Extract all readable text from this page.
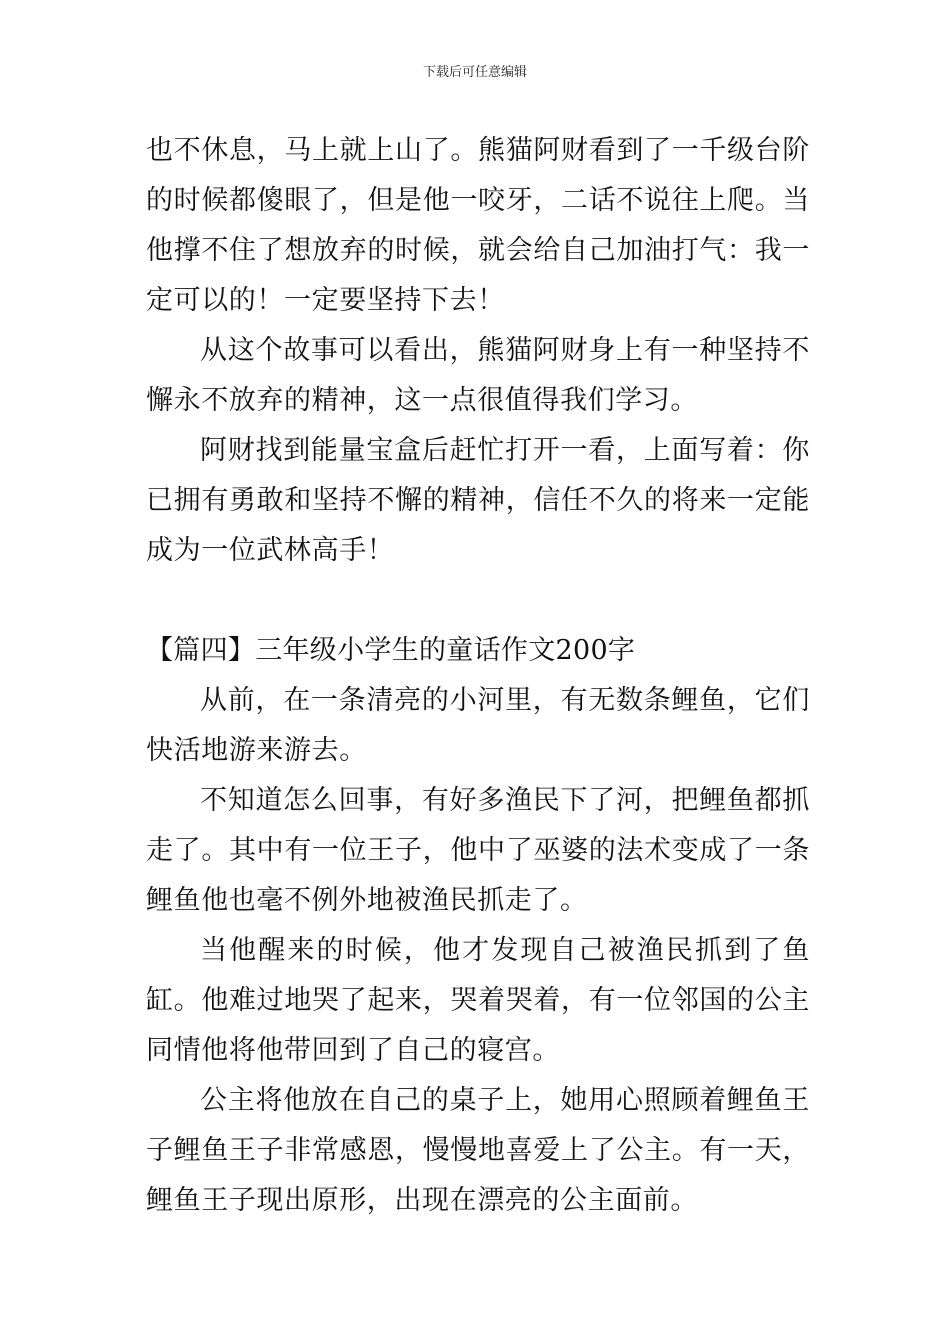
下载后可任意编辑

也不休息，马上就上山了。熊猫阿财看到了一千级台阶的时候都傻眼了，但是他一咬牙，二话不说往上爬。当他撑不住了想放弃的时候，就会给自己加油打气：我一定可以的！一定要坚持下去！

从这个故事可以看出，熊猫阿财身上有一种坚持不懈永不放弃的精神，这一点很值得我们学习。

阿财找到能量宝盒后赶忙打开一看，上面写着：你已拥有勇敢和坚持不懈的精神，信任不久的将来一定能成为一位武林高手！

【篇四】三年级小学生的童话作文200字

从前，在一条清亮的小河里，有无数条鲤鱼，它们快活地游来游去。

不知道怎么回事，有好多渔民下了河，把鲤鱼都抓走了。其中有一位王子，他中了巫婆的法术变成了一条鲤鱼他也毫不例外地被渔民抓走了。

当他醒来的时候，他才发现自己被渔民抓到了鱼缸。他难过地哭了起来，哭着哭着，有一位邻国的公主同情他将他带回到了自己的寝宫。

公主将他放在自己的桌子上，她用心照顾着鲤鱼王子鲤鱼王子非常感恩，慢慢地喜爱上了公主。有一天，鲤鱼王子现出原形，出现在漂亮的公主面前。
